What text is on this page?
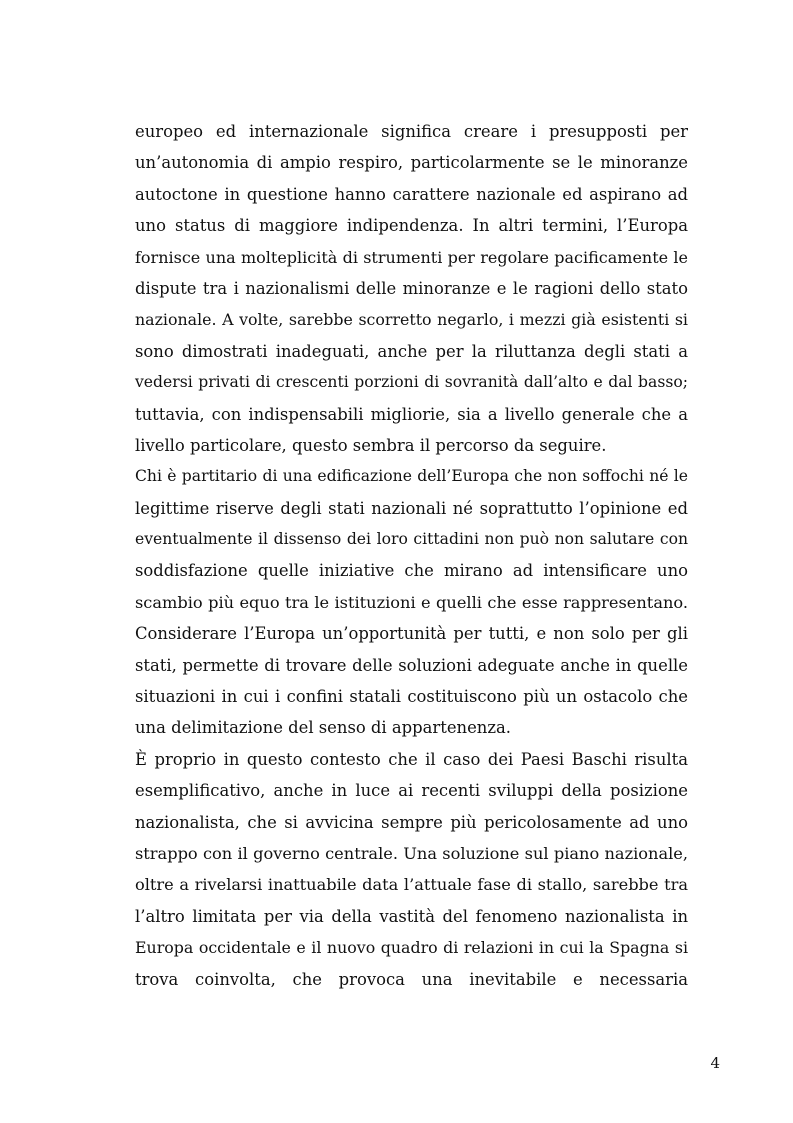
europeo ed internazionale significa creare i presupposti per
un’autonomia di ampio respiro, particolarmente se le minoranze
autoctone in questione hanno carattere nazionale ed aspirano ad
uno status di maggiore indipendenza. In altri termini, l’Europa
fornisce una molteplicità di strumenti per regolare pacificamente le
dispute tra i nazionalismi delle minoranze e le ragioni dello stato
nazionale. A volte, sarebbe scorretto negarlo, i mezzi già esistenti si
sono dimostrati inadeguati, anche per la riluttanza degli stati a
vedersi privati di crescenti porzioni di sovranità dall’alto e dal basso;
tuttavia, con indispensabili migliorie, sia a livello generale che a
livello particolare, questo sembra il percorso da seguire.
Chi è partitario di una edificazione dell’Europa che non soffochi né le
legittime riserve degli stati nazionali né soprattutto l’opinione ed
eventualmente il dissenso dei loro cittadini non può non salutare con
soddisfazione quelle iniziative che mirano ad intensificare uno
scambio più equo tra le istituzioni e quelli che esse rappresentano.
Considerare l’Europa un’opportunità per tutti, e non solo per gli
stati, permette di trovare delle soluzioni adeguate anche in quelle
situazioni in cui i confini statali costituiscono più un ostacolo che
una delimitazione del senso di appartenenza.
È proprio in questo contesto che il caso dei Paesi Baschi risulta
esemplificativo, anche in luce ai recenti sviluppi della posizione
nazionalista, che si avvicina sempre più pericolosamente ad uno
strappo con il governo centrale. Una soluzione sul piano nazionale,
oltre a rivelarsi inattuabile data l’attuale fase di stallo, sarebbe tra
l’altro limitata per via della vastità del fenomeno nazionalista in
Europa occidentale e il nuovo quadro di relazioni in cui la Spagna si
trova coinvolta, che provoca una inevitabile e necessaria
4
